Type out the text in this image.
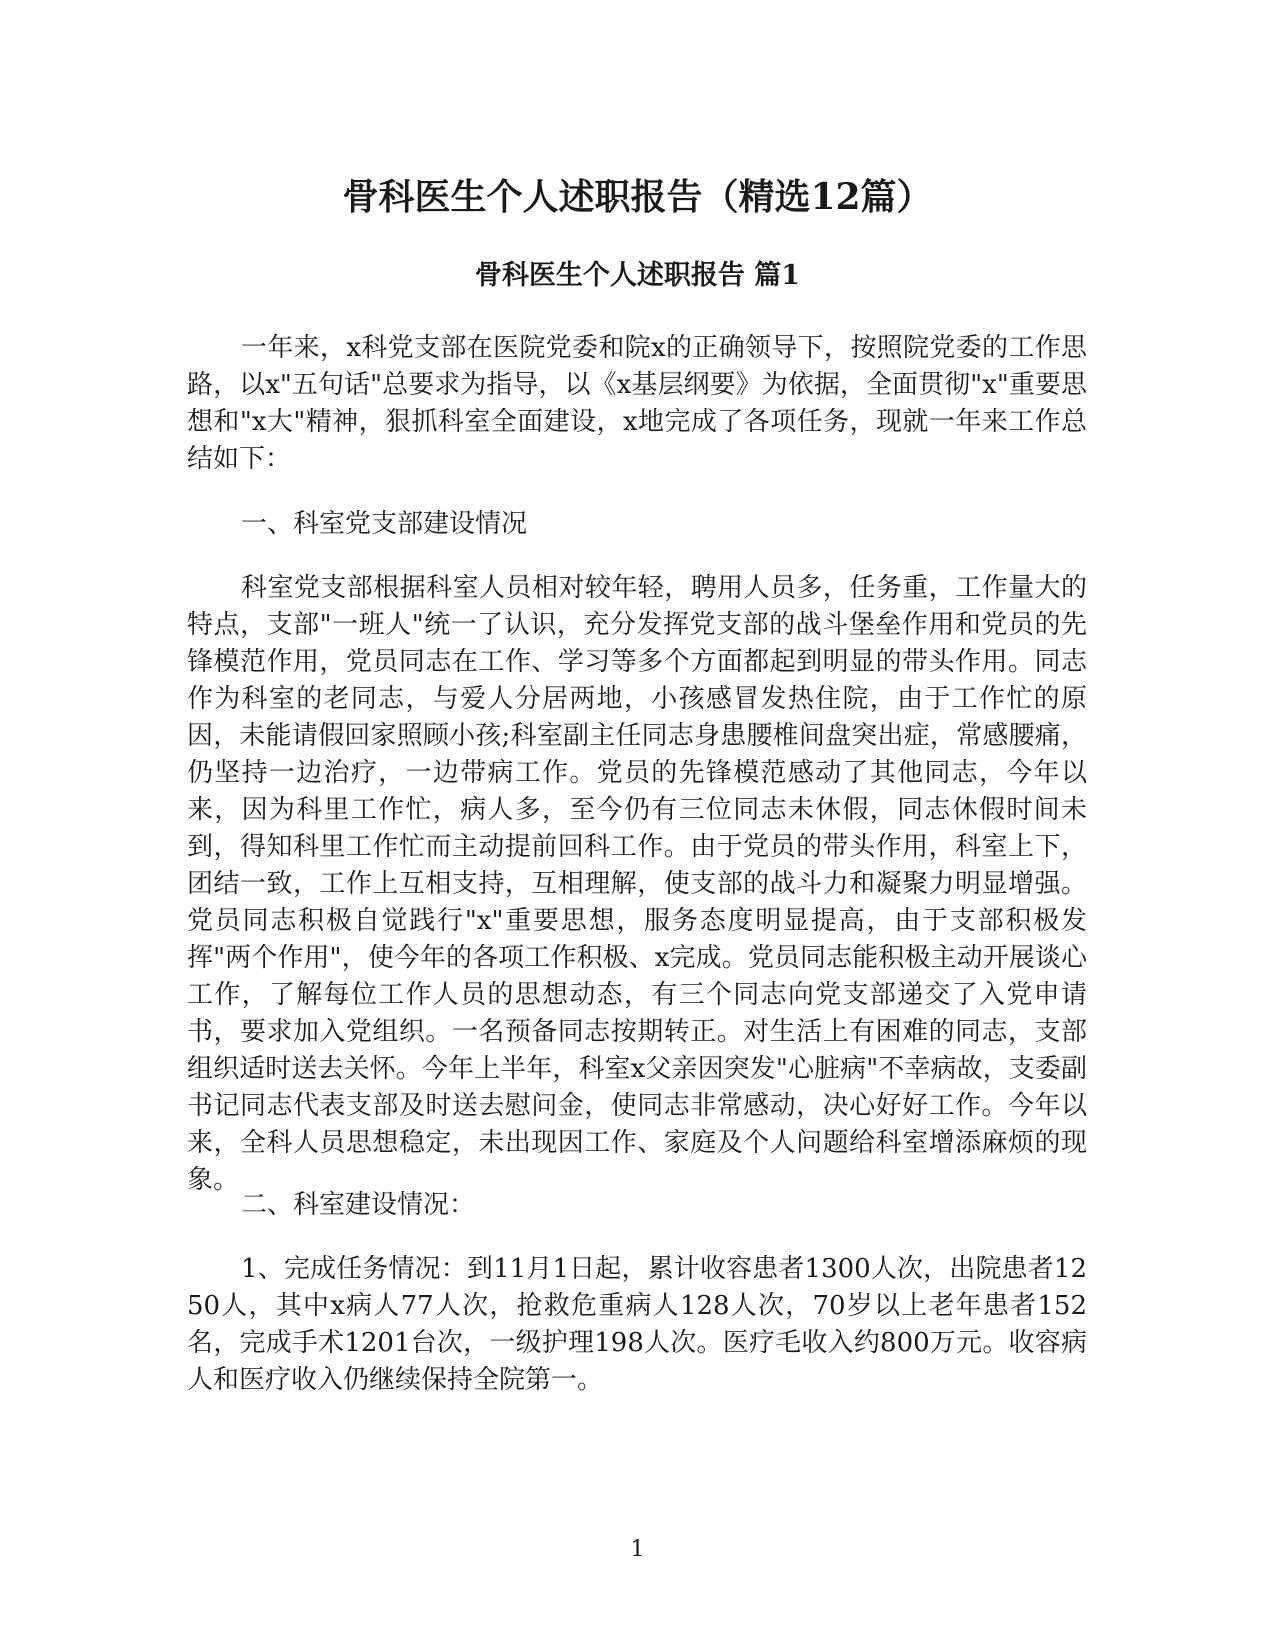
骨科医生个人述职报告（精选12篇）
骨科医生个人述职报告 篇1

一年来，x科党支部在医院党委和院x的正确领导下，按照院党委的工作思路，以x"五句话"总要求为指导，以《x基层纲要》为依据，全面贯彻"x"重要思想和"x大"精神，狠抓科室全面建设，x地完成了各项任务，现就一年来工作总结如下：

一、科室党支部建设情况

科室党支部根据科室人员相对较年轻，聘用人员多，任务重，工作量大的特点，支部"一班人"统一了认识，充分发挥党支部的战斗堡垒作用和党员的先锋模范作用，党员同志在工作、学习等多个方面都起到明显的带头作用。同志作为科室的老同志，与爱人分居两地，小孩感冒发热住院，由于工作忙的原因，未能请假回家照顾小孩;科室副主任同志身患腰椎间盘突出症，常感腰痛，仍坚持一边治疗，一边带病工作。党员的先锋模范感动了其他同志，今年以来，因为科里工作忙，病人多，至今仍有三位同志未休假，同志休假时间未到，得知科里工作忙而主动提前回科工作。由于党员的带头作用，科室上下，团结一致，工作上互相支持，互相理解，使支部的战斗力和凝聚力明显增强。党员同志积极自觉践行"x"重要思想，服务态度明显提高，由于支部积极发挥"两个作用"，使今年的各项工作积极、x完成。党员同志能积极主动开展谈心工作，了解每位工作人员的思想动态，有三个同志向党支部递交了入党申请书，要求加入党组织。一名预备同志按期转正。对生活上有困难的同志，支部组织适时送去关怀。今年上半年，科室x父亲因突发"心脏病"不幸病故，支委副书记同志代表支部及时送去慰问金，使同志非常感动，决心好好工作。今年以来，全科人员思想稳定，未出现因工作、家庭及个人问题给科室增添麻烦的现象。

二、科室建设情况：

1、完成任务情况：到11月1日起，累计收容患者1300人次，出院患者1250人，其中x病人77人次，抢救危重病人128人次，70岁以上老年患者152名，完成手术1201台次，一级护理198人次。医疗毛收入约800万元。收容病人和医疗收入仍继续保持全院第一。

1
